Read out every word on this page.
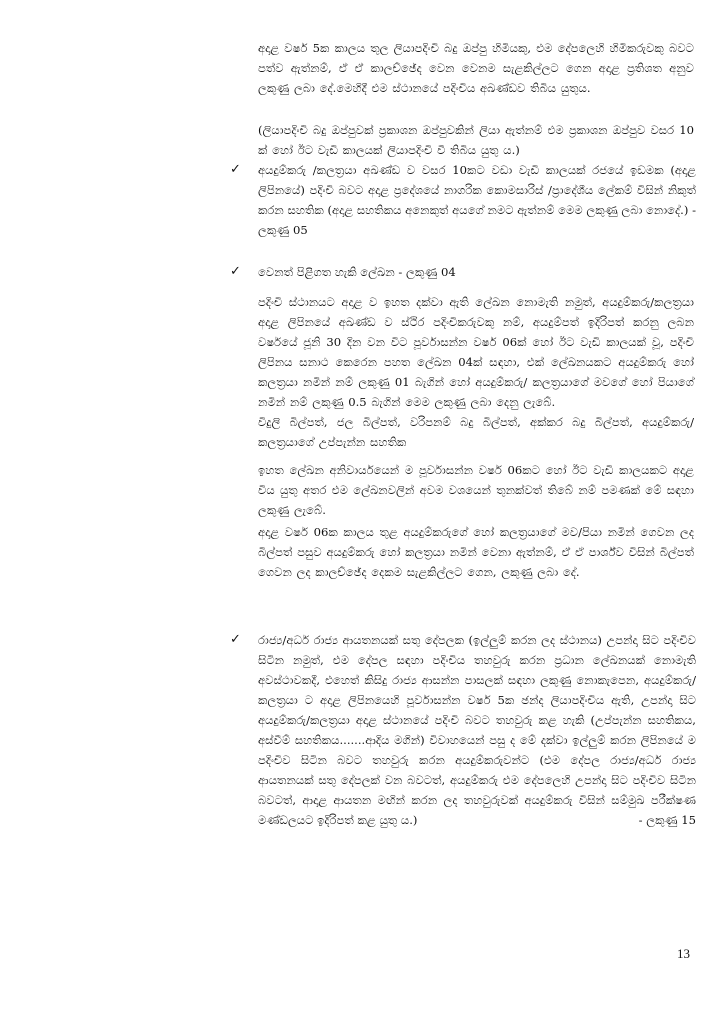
අදාළ වර්ෂ 5ක කාලය තුල ලියාපදිංචි බදු ඔප්පු හිමියකු, එම දේපලෙහි හිමිකරුවකු බවට පත්ව ඇත්නම්, ඒ ඒ කාලච්ඡේද වෙන වෙනම සැළකිල්ලට ගෙන අදාළ ප්‍රතිශත අනුව ලකුණු ලබා දේ.මෙහිදී එම ස්ථානයේ පදිංචිය අඛණ්ඩව තිබිය යුතුය.

(ලියාපදිංචි බදු ඔප්පුවක් ප්‍රකාශන ඔප්පුවකින් ලියා ඇත්නම් එම ප්‍රකාශන ඔප්පුව වසර 10 ක් හෝ ඊට වැඩි කාලයක් ලියාපදිංචි වී තිබිය යුතු ය.)

✓	අයදුම්කරු /කලත්‍රයා අඛණ්ඩ ව වසර 10කට වඩා වැඩි කාලයක් රජයේ ඉඩමක (අදාළ ලිපිනයේ) පදිංචි බවට අදාළ ප්‍රදේශයේ නාගරික කොමසාරිස් /ප්‍රාදේශීය ලේකම් විසින් නිකුත් කරන සහතික (අදාළ සහතිකය අනෙකුත් අයගේ නමට ඇත්නම් මෙම ලකුණු ලබා නොදේ.) - ලකුණු 05
✓	වෙනත් පිළිගත හැකි ලේඛන - ලකුණු 04

පදිංචි ස්ථානයට අදාළ ව ඉහත දක්වා ඇති ලේඛන නොමැති නමුත්, අයදුම්කරු/කලත්‍රයා අදාළ ලිපිනයේ අඛණ්ඩ ව ස්ථිර පදිංචිකරුවකු නම්, අයදුම්පත් ඉදිරිපත් කරනු ලබන වර්ෂයේ ජූනි 30 දින වන විට පූර්වාසන්න වර්ෂ 06ක් හෝ ඊට වැඩි කාලයක් වූ, පදිංචි ලිපිනය සනාථ කෙරෙන පහත ලේඛන 04ක් සඳහා, එක් ලේඛනයකට අයදුම්කරු හෝ කලත්‍රයා නමින් නම් ලකුණු 01 බැගින් හෝ අයදුම්කරු/ කලත්‍රයාගේ මවගේ හෝ පියාගේ නමින් නම් ලකුණු 0.5 බැගින් මෙම ලකුණු ලබා දෙනු ලැබේ.

විදුලි බිල්පත්, ජල බිල්පත්, වරිපනම් බදු බිල්පත්, අක්කර බදු බිල්පත්, අයදුම්කරු/කලත්‍රයාගේ උප්පැන්න සහතික

ඉහත ලේඛන අනිවාර්යයෙන් ම පූර්වාසන්න වර්ෂ 06කට හෝ ඊට වැඩි කාලයකට අදාළ විය යුතු අතර එම ලේඛනවලින් අවම වශයෙන් තුනක්වත් තිබේ නම් පමණක් මේ සඳහා ලකුණු ලැබේ.

අදාළ වර්ෂ 06ක කාලය තුළ අයදුම්කරුගේ හෝ කලත්‍රයාගේ මව/පියා නමින් ගෙවන ලද බිල්පත් පසුව අයදුම්කරු හෝ කලත්‍රයා නමින් වෙනා ඇත්නම්, ඒ ඒ පාර්ශ්ව විසින් බිල්පත් ගෙවන ලද කාලච්ඡේද දෙකම සැළකිල්ලට ගෙන, ලකුණු ලබා දේ.

✓	රාජ්‍ය/අර්ධ රාජ්‍ය ආයතනයක් සතු දේපලක (ඉල්ලුම් කරන ලද ස්ථානය) උපන්දා සිට පදිංචිව සිටින නමුත්, එම දේපල සඳහා පදිංචිය තහවුරු කරන ප්‍රධාන ලේඛනයක් නොමැති අවස්ථාවකදී, එහෙත් කිසිදු රාජ්‍ය ආසන්න පාසලක් සඳහා ලකුණු නොකැපෙන, අයදුම්කරු/කලත්‍රයා ට අදාළ ලිපිනයෙහි පූර්වාසන්න වර්ෂ 5ක ඡන්ද ලියාපදිංචිය ඇති, උපන්දා සිට අයදුම්කරු/කලත්‍රයා අදාළ ස්ථානයේ පදිංචි බවට තහවුරු කළ හැකි (උප්පැන්න සහතිකය, අස්වීම් සහතිකය.......ආදිය මගින්) විවාහයෙන් පසු ද මේ දක්වා ඉල්ලුම් කරන ලිපිනයේ ම පදිංචිව සිටින බවට තහවුරු කරන අයදුම්කරුවන්ට (එම දේපල රාජ්‍ය/අර්ධ රාජ්‍ය ආයතනයක් සතු දේපලක් වන බවටත්, අයදුම්කරු එම දේපලෙහි උපන්දා සිට පදිංචිව සිටින බවටත්, ආදාළ ආයතන මඟින් කරන ලද තහවුරුවක් අයදුම්කරු විසින් සම්මුඛ පරීක්ෂණ මණ්ඩලයට ඉදිරිපත් කළ යුතු ය.)	- ලකුණු 15
13
